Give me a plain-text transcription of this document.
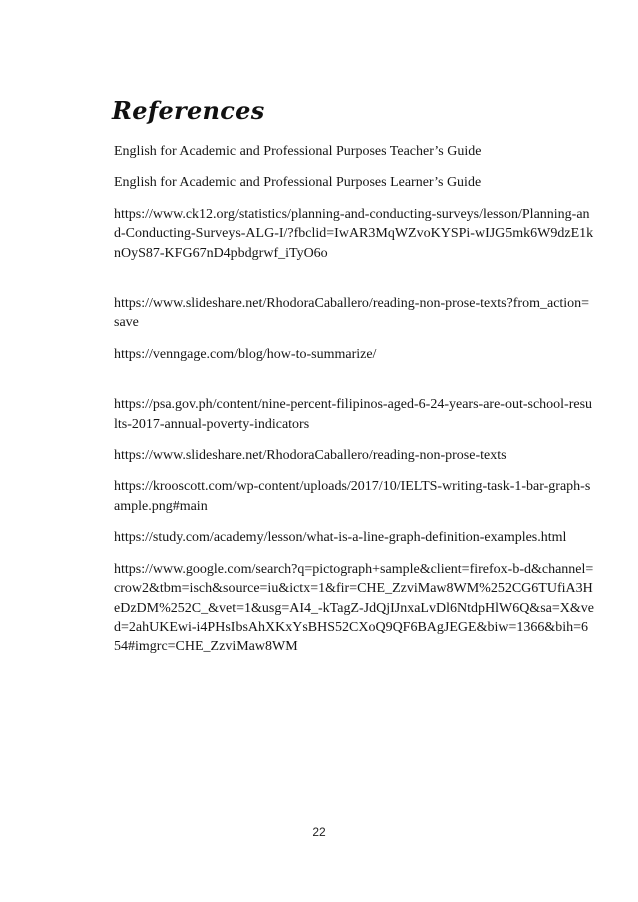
References

English for Academic and Professional Purposes Teacher’s Guide

English for Academic and Professional Purposes Learner’s Guide

https://www.ck12.org/statistics/planning-and-conducting-surveys/lesson/Planning-and-Conducting-Surveys-ALG-I/?fbclid=IwAR3MqWZvoKYSPi-wIJG5mk6W9dzE1knOyS87-KFG67nD4pbdgrwf_iTyO6o

https://www.slideshare.net/RhodoraCaballero/reading-non-prose-texts?from_action=save

https://venngage.com/blog/how-to-summarize/

https://psa.gov.ph/content/nine-percent-filipinos-aged-6-24-years-are-out-school-results-2017-annual-poverty-indicators

https://www.slideshare.net/RhodoraCaballero/reading-non-prose-texts

https://krooscott.com/wp-content/uploads/2017/10/IELTS-writing-task-1-bar-graph-sample.png#main

https://study.com/academy/lesson/what-is-a-line-graph-definition-examples.html

https://www.google.com/search?q=pictograph+sample&client=firefox-b-d&channel=crow2&tbm=isch&source=iu&ictx=1&fir=CHE_ZzviMaw8WM%252CG6TUfiA3HeDzDM%252C_&vet=1&usg=AI4_-kTagZ-JdQjIJnxaLvDl6NtdpHlW6Q&sa=X&ved=2ahUKEwi-i4PHsIbsAhXKxYsBHS52CXoQ9QF6BAgJEGE&biw=1366&bih=654#imgrc=CHE_ZzviMaw8WM

22
